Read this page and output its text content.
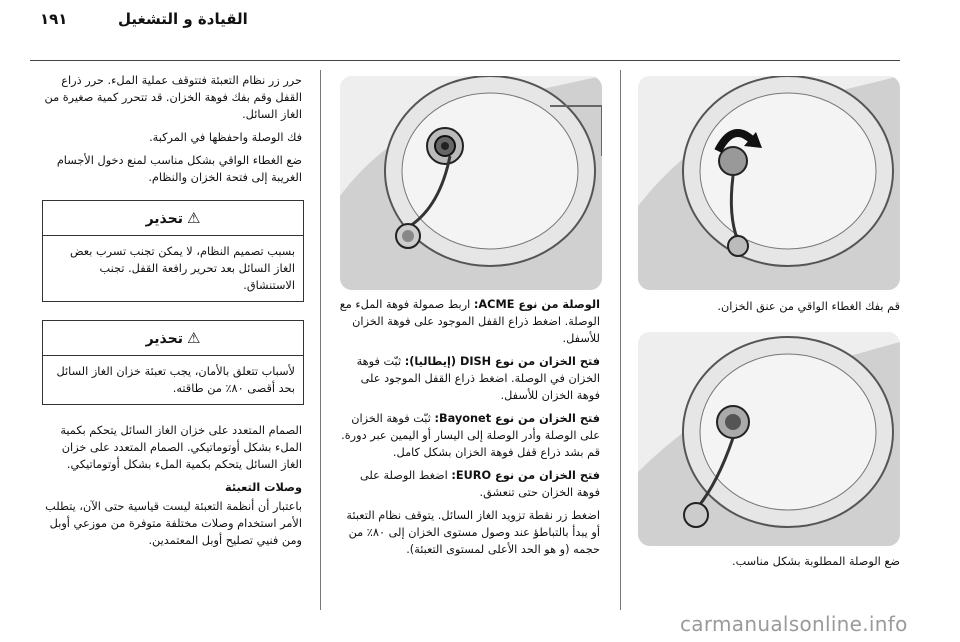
١٩١	القيادة و التشغيل

حرر زر نظام التعبئة فتتوقف عملية الملء. حرر ذراع القفل وقم بفك فوهة الخزان. قد تتحرر كمية صغيرة من الغاز السائل.

فك الوصلة واحفظها في المركبة.

ضع الغطاء الواقي بشكل مناسب لمنع دخول الأجسام الغريبة إلى فتحة الخزان والنظام.

⚠تحذير
بسبب تصميم النظام، لا يمكن تجنب تسرب بعض الغاز السائل بعد تحرير رافعة القفل. تجنب الاستنشاق.
⚠تحذير
لأسباب تتعلق بالأمان، يجب تعبئة خزان الغاز السائل بحد أقصى ٨٠٪ من طاقته.

الصمام المتعدد على خزان الغاز السائل يتحكم بكمية الملء بشكل أوتوماتيكي. الصمام المتعدد على خزان الغاز السائل يتحكم بكمية الملء بشكل أوتوماتيكي.

وصلات التعبئة

باعتبار أن أنظمة التعبئة ليست قياسية حتى الآن، يتطلب الأمر استخدام وصلات مختلفة متوفرة من موزعي أوبل ومن فنيي تصليح أوبل المعتمدين.

الوصلة من نوع ACME: اربط صمولة فوهة الملء مع الوصلة. اضغط ذراع القفل الموجود على فوهة الخزان للأسفل.

فتح الخزان من نوع DISH (إيطاليا): ثبّت فوهة الخزان في الوصلة. اضغط ذراع القفل الموجود على فوهة الخزان للأسفل.

فتح الخزان من نوع Bayonet: ثبّت فوهة الخزان على الوصلة وأدر الوصلة إلى اليسار أو اليمين عبر دورة. قم بشد ذراع قفل فوهة الخزان بشكل كامل.

فتح الخزان من نوع EURO: اضغط الوصلة على فوهة الخزان حتى تنعشق.

اضغط زر نقطة تزويد الغاز السائل. يتوقف نظام التعبئة أو يبدأ بالتباطؤ عند وصول مستوى الخزان إلى ٨٠٪ من حجمه (و هو الحد الأعلى لمستوى التعبئة).

قم بفك الغطاء الواقي من عنق الخزان.
ضع الوصلة المطلوبة بشكل مناسب.
carmanualsonline.info
